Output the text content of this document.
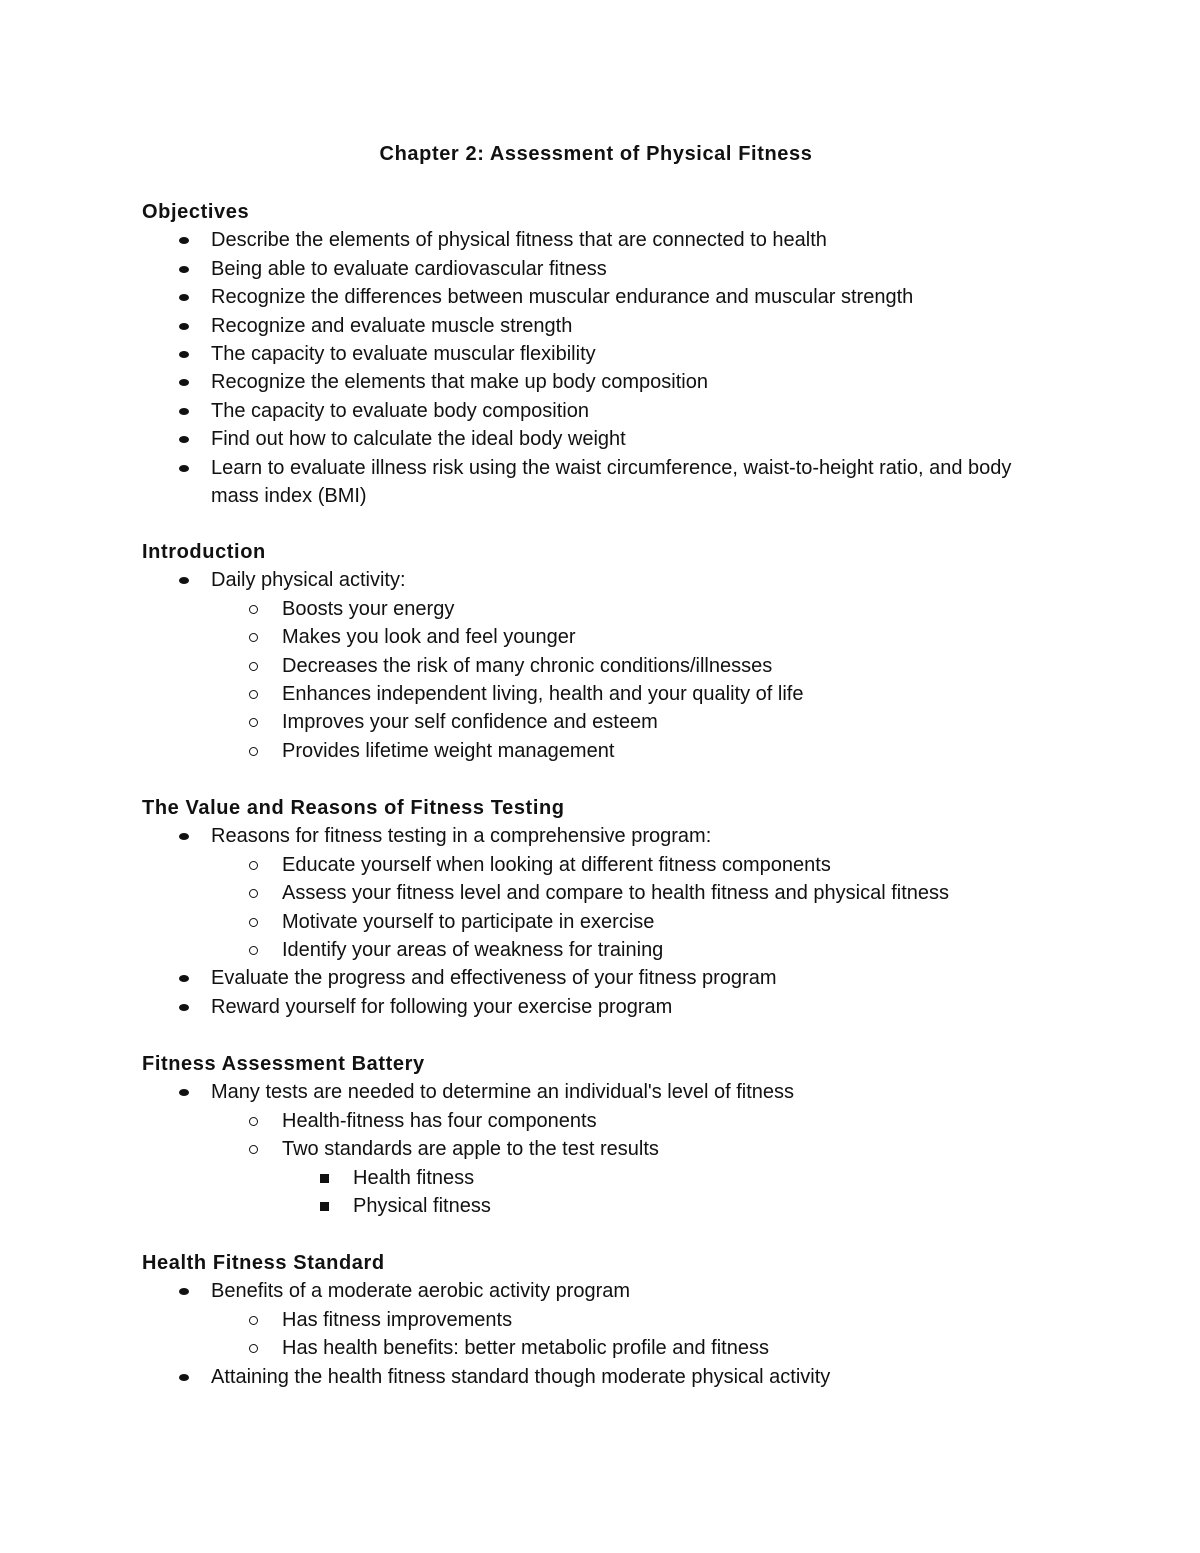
Chapter 2: Assessment of Physical Fitness
Objectives
Describe the elements of physical fitness that are connected to health
Being able to evaluate cardiovascular fitness
Recognize the differences between muscular endurance and muscular strength
Recognize and evaluate muscle strength
The capacity to evaluate muscular flexibility
Recognize the elements that make up body composition
The capacity to evaluate body composition
Find out how to calculate the ideal body weight
Learn to evaluate illness risk using the waist circumference, waist-to-height ratio, and body mass index (BMI)
Introduction
Daily physical activity:
Boosts your energy
Makes you look and feel younger
Decreases the risk of many chronic conditions/illnesses
Enhances independent living, health and your quality of life
Improves your self confidence and esteem
Provides lifetime weight management
The Value and Reasons of Fitness Testing
Reasons for fitness testing in a comprehensive program:
Educate yourself when looking at different fitness components
Assess your fitness level and compare to health fitness and physical fitness
Motivate yourself to participate in exercise
Identify your areas of weakness for training
Evaluate the progress and effectiveness of your fitness program
Reward yourself for following your exercise program
Fitness Assessment Battery
Many tests are needed to determine an individual's level of fitness
Health-fitness has four components
Two standards are apple to the test results
Health fitness
Physical fitness
Health Fitness Standard
Benefits of a moderate aerobic activity program
Has fitness improvements
Has health benefits: better metabolic profile and fitness
Attaining the health fitness standard though moderate physical activity
